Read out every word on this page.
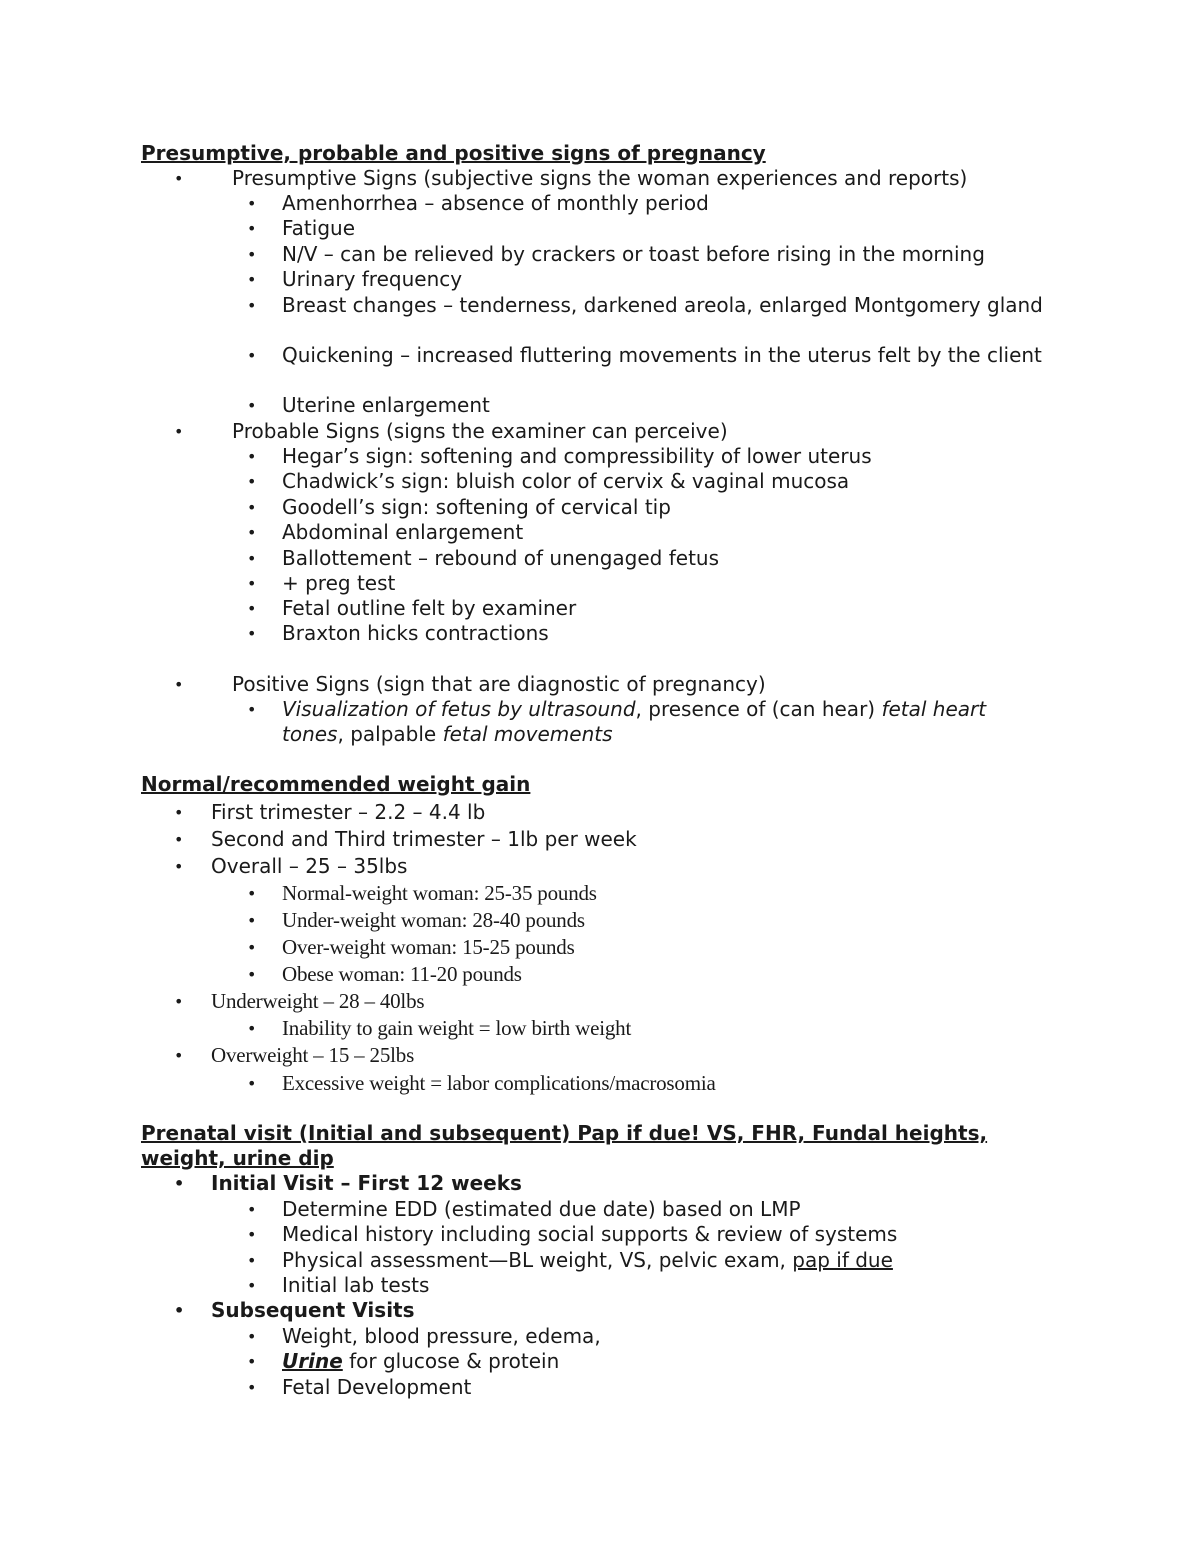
Presumptive, probable and positive signs of pregnancy
• Presumptive Signs (subjective signs the woman experiences and reports)
• Amenhorrhea – absence of monthly period
• Fatigue
• N/V – can be relieved by crackers or toast before rising in the morning
• Urinary frequency
• Breast changes – tenderness, darkened areola, enlarged Montgomery gland
• Quickening – increased fluttering movements in the uterus felt by the client
• Uterine enlargement
• Probable Signs (signs the examiner can perceive)
• Hegar’s sign: softening and compressibility of lower uterus
• Chadwick’s sign: bluish color of cervix & vaginal mucosa
• Goodell’s sign: softening of cervical tip
• Abdominal enlargement
• Ballottement – rebound of unengaged fetus
• + preg test
• Fetal outline felt by examiner
• Braxton hicks contractions
• Positive Signs (sign that are diagnostic of pregnancy)
• Visualization of fetus by ultrasound, presence of (can hear) fetal heart tones, palpable fetal movements
Normal/recommended weight gain
• First trimester – 2.2 – 4.4 lb
• Second and Third trimester – 1lb per week
• Overall – 25 – 35lbs
• Normal-weight woman: 25-35 pounds
• Under-weight woman: 28-40 pounds
• Over-weight woman: 15-25 pounds
• Obese woman: 11-20 pounds
• Underweight – 28 – 40lbs
• Inability to gain weight = low birth weight
• Overweight – 15 – 25lbs
• Excessive weight = labor complications/macrosomia
Prenatal visit (Initial and subsequent) Pap if due! VS, FHR, Fundal heights,
weight, urine dip
• Initial Visit – First 12 weeks
• Determine EDD (estimated due date) based on LMP
• Medical history including social supports & review of systems
• Physical assessment—BL weight, VS, pelvic exam, pap if due
• Initial lab tests
• Subsequent Visits
• Weight, blood pressure, edema,
• Urine for glucose & protein
• Fetal Development
